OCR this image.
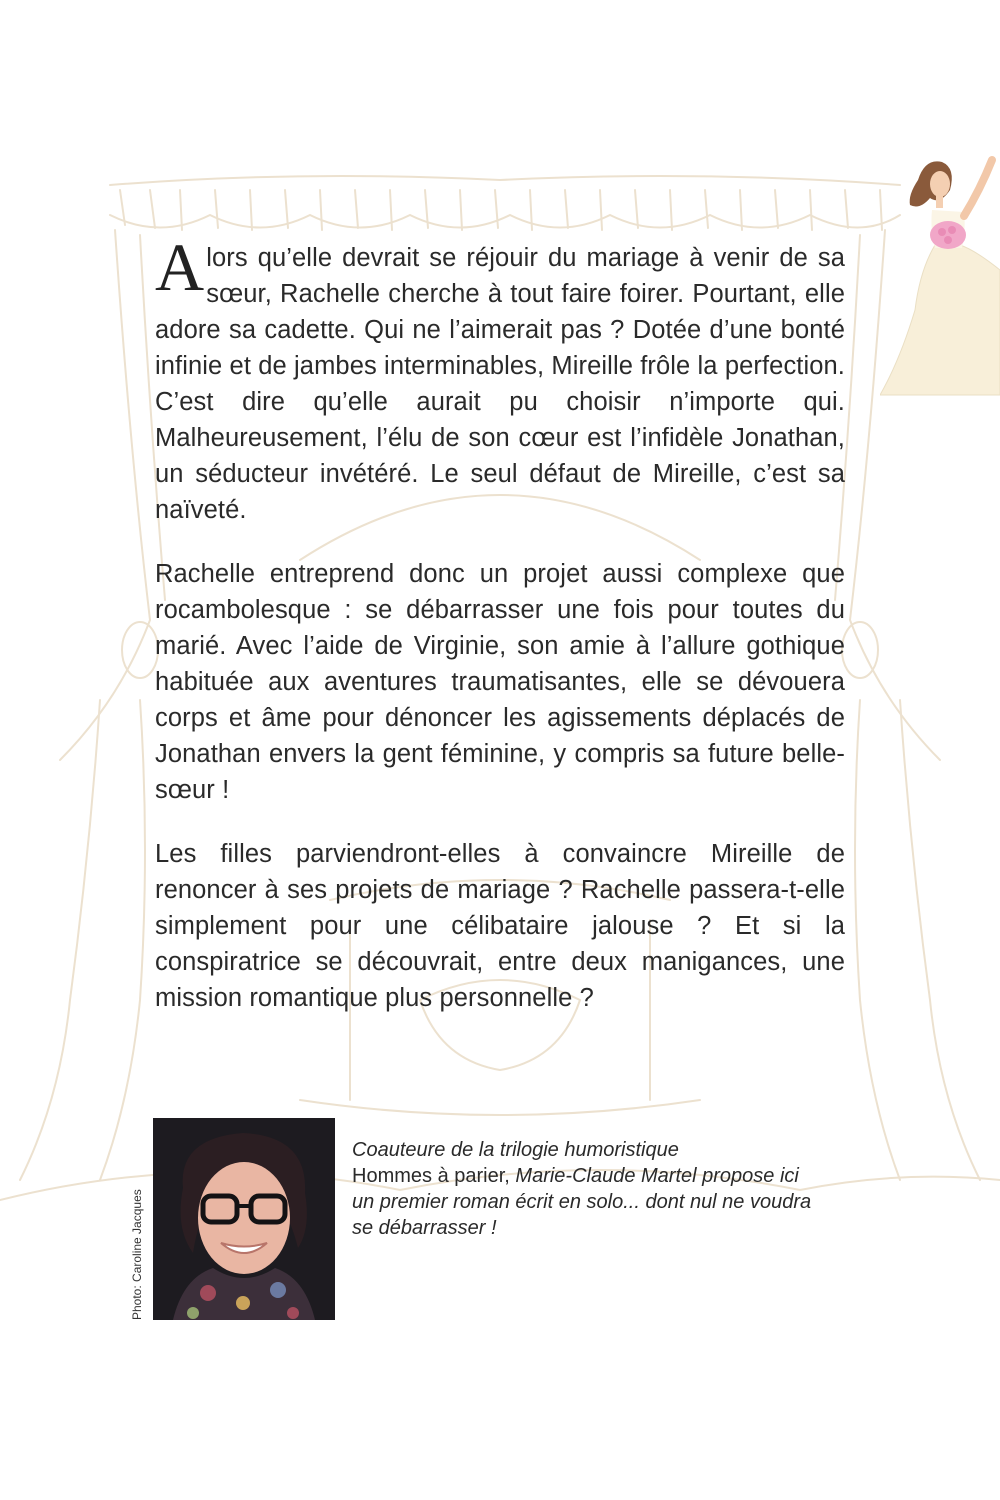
Alors qu’elle devrait se réjouir du mariage à venir de sa sœur, Rachelle cherche à tout faire foirer. Pourtant, elle adore sa cadette. Qui ne l’aimerait pas ? Dotée d’une bonté infinie et de jambes interminables, Mireille frôle la perfection. C’est dire qu’elle aurait pu choisir n’importe qui. Malheureusement, l’élu de son cœur est l’infidèle Jonathan, un séducteur invétéré. Le seul défaut de Mireille, c’est sa naïveté.

Rachelle entreprend donc un projet aussi complexe que rocambolesque : se débarrasser une fois pour toutes du marié. Avec l’aide de Virginie, son amie à l’allure gothique habituée aux aventures traumatisantes, elle se dévouera corps et âme pour dénoncer les agissements déplacés de Jonathan envers la gent féminine, y compris sa future belle-sœur !

Les filles parviendront-elles à convaincre Mireille de renoncer à ses projets de mariage ? Rachelle passera-t-elle simplement pour une célibataire jalouse ? Et si la conspiratrice se découvrait, entre deux manigances, une mission romantique plus personnelle ?

Photo: Caroline Jacques
Coauteure de la trilogie humoristique
Hommes à parier, Marie-Claude Martel propose ici un premier roman écrit en solo... dont nul ne voudra se débarrasser !
